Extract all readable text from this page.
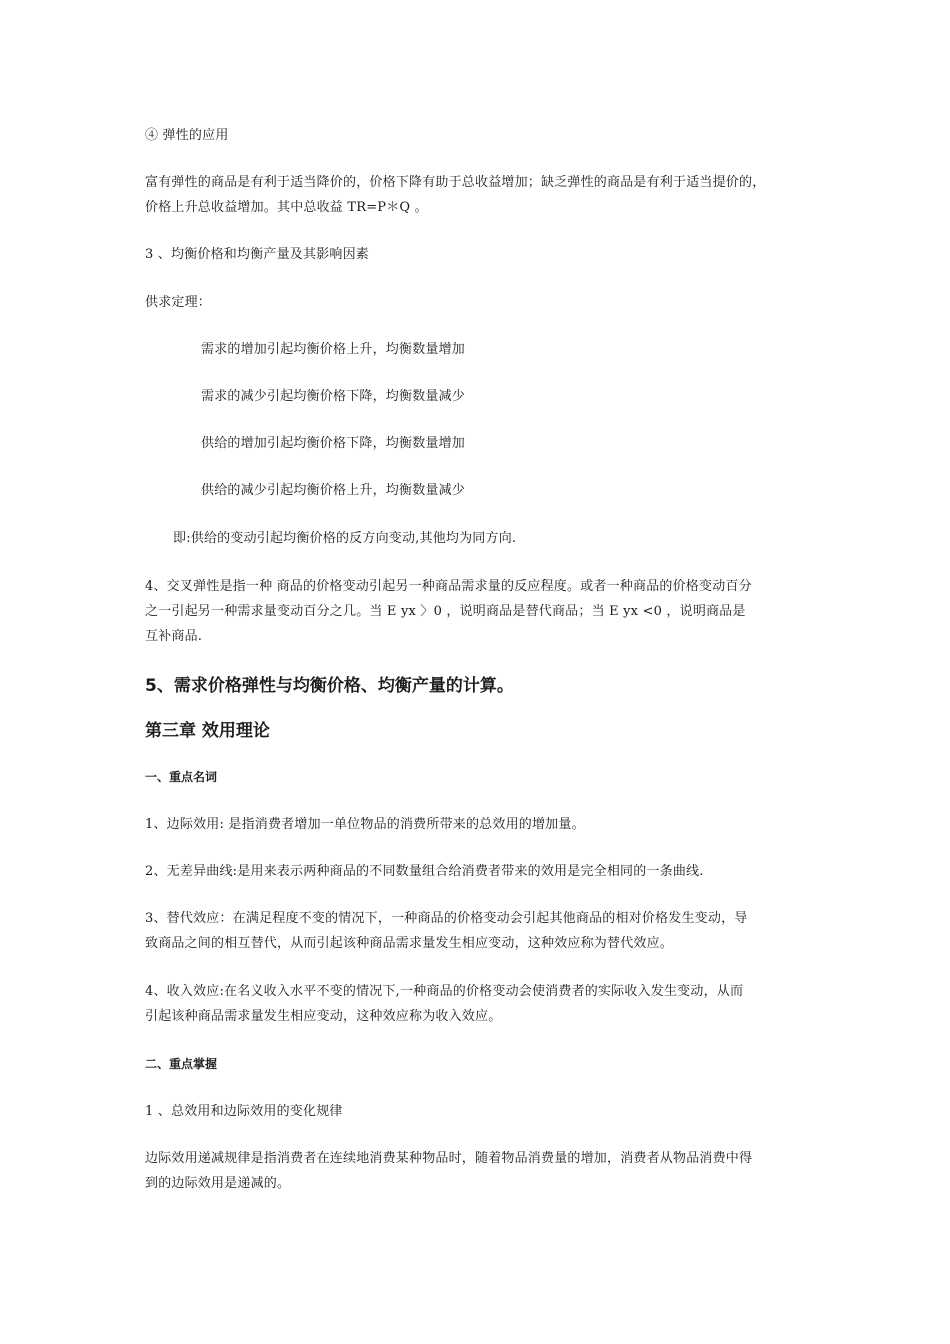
④ 弹性的应用
富有弹性的商品是有利于适当降价的，价格下降有助于总收益增加；缺乏弹性的商品是有利于适当提价的，
价格上升总收益增加。其中总收益 TR=P＊Q 。
3 、均衡价格和均衡产量及其影响因素
供求定理：
需求的增加引起均衡价格上升，均衡数量增加
需求的减少引起均衡价格下降，均衡数量减少
供给的增加引起均衡价格下降，均衡数量增加
供给的减少引起均衡价格上升，均衡数量减少
即:供给的变动引起均衡价格的反方向变动,其他均为同方向.
4、交叉弹性是指一种 商品的价格变动引起另一种商品需求量的反应程度。或者一种商品的价格变动百分
之一引起另一种需求量变动百分之几。当 E yx 〉0 ，说明商品是替代商品；当 E yx <0 ，说明商品是
互补商品.
5、需求价格弹性与均衡价格、均衡产量的计算。
第三章 效用理论
一、重点名词
1、边际效用: 是指消费者增加一单位物品的消费所带来的总效用的增加量。
2、无差异曲线:是用来表示两种商品的不同数量组合给消费者带来的效用是完全相同的一条曲线.
3、替代效应：在满足程度不变的情况下，一种商品的价格变动会引起其他商品的相对价格发生变动，导
致商品之间的相互替代，从而引起该种商品需求量发生相应变动，这种效应称为替代效应。
4、收入效应:在名义收入水平不变的情况下,一种商品的价格变动会使消费者的实际收入发生变动，从而
引起该种商品需求量发生相应变动，这种效应称为收入效应。
二、重点掌握
1 、总效用和边际效用的变化规律
边际效用递减规律是指消费者在连续地消费某种物品时，随着物品消费量的增加，消费者从物品消费中得
到的边际效用是递减的。
